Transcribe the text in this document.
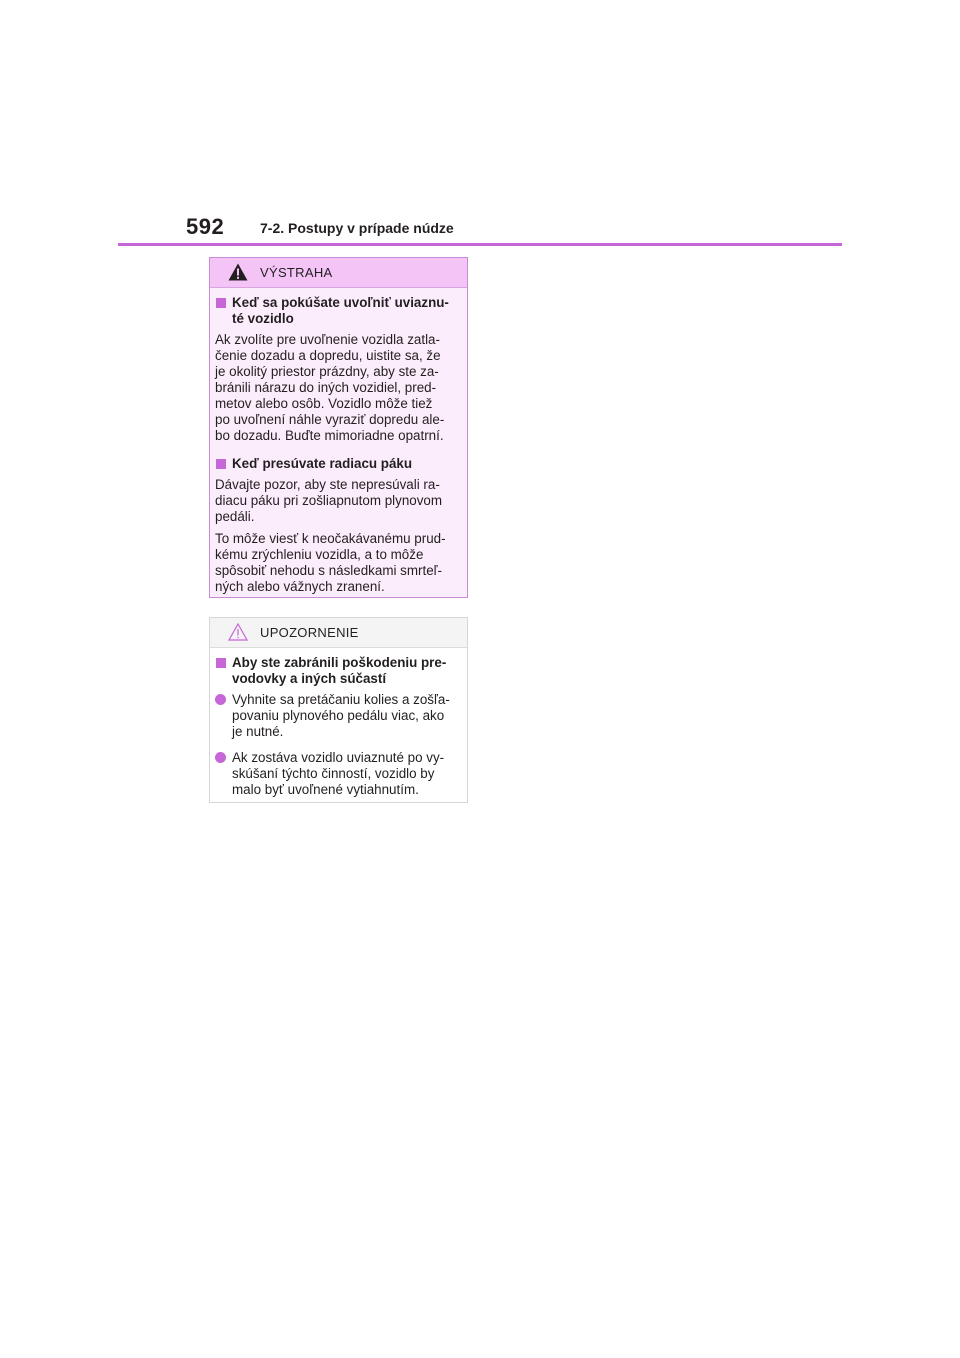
592	7-2. Postupy v prípade núdze
VÝSTRAHA
Keď sa pokúšate uvoľniť uviaznu-
té vozidlo
Ak zvolíte pre uvoľnenie vozidla zatla-
čenie dozadu a dopredu, uistite sa, že
je okolitý priestor prázdny, aby ste za-
bránili nárazu do iných vozidiel, pred-
metov alebo osôb. Vozidlo môže tiež
po uvoľnení náhle vyraziť dopredu ale-
bo dozadu. Buďte mimoriadne opatrní.
Keď presúvate radiacu páku
Dávajte pozor, aby ste nepresúvali ra-
diacu páku pri zošliapnutom plynovom
pedáli.
To môže viesť k neočakávanému prud-
kému zrýchleniu vozidla, a to môže
spôsobiť nehodu s následkami smrteľ-
ných alebo vážnych zranení.
UPOZORNENIE
Aby ste zabránili poškodeniu pre-
vodovky a iných súčastí
Vyhnite sa pretáčaniu kolies a zošľa-
povaniu plynového pedálu viac, ako
je nutné.
Ak zostáva vozidlo uviaznuté po vy-
skúšaní týchto činností, vozidlo by
malo byť uvoľnené vytiahnutím.
